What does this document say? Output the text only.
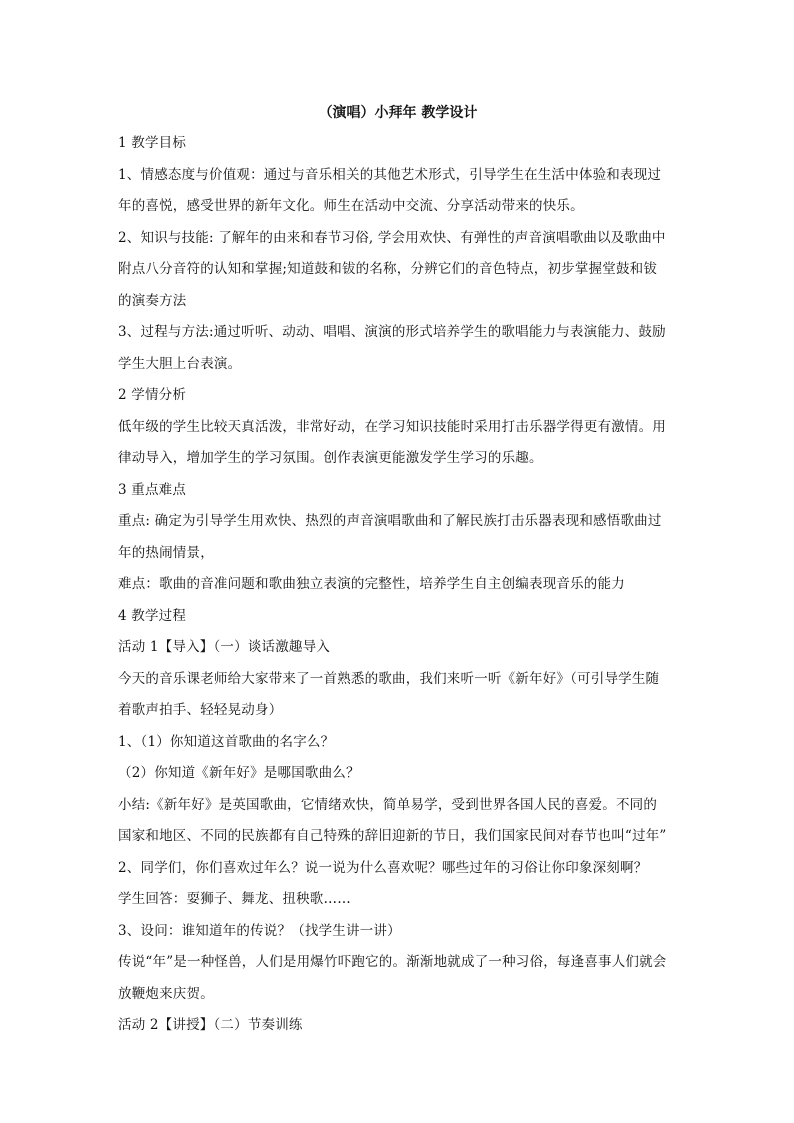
（演唱）小拜年 教学设计
1 教学目标
1、情感态度与价值观：通过与音乐相关的其他艺术形式，引导学生在生活中体验和表现过
年的喜悦，感受世界的新年文化。师生在活动中交流、分享活动带来的快乐。
2、知识与技能: 了解年的由来和春节习俗, 学会用欢快、有弹性的声音演唱歌曲以及歌曲中
附点八分音符的认知和掌握;知道鼓和钹的名称，分辨它们的音色特点，初步掌握堂鼓和钹
的演奏方法
3、过程与方法:通过听听、动动、唱唱、演演的形式培养学生的歌唱能力与表演能力、鼓励
学生大胆上台表演。
2 学情分析
低年级的学生比较天真活泼，非常好动，在学习知识技能时采用打击乐器学得更有激情。用
律动导入，增加学生的学习氛围。创作表演更能激发学生学习的乐趣。
3 重点难点
重点: 确定为引导学生用欢快、热烈的声音演唱歌曲和了解民族打击乐器表现和感悟歌曲过
年的热闹情景，
难点：歌曲的音准问题和歌曲独立表演的完整性，培养学生自主创编表现音乐的能力
4 教学过程
活动 1【导入】（一）谈话激趣导入
今天的音乐课老师给大家带来了一首熟悉的歌曲，我们来听一听《新年好》（可引导学生随
着歌声拍手、轻轻晃动身）
1、（1）你知道这首歌曲的名字么？
（2）你知道《新年好》是哪国歌曲么？
小结:《新年好》是英国歌曲，它情绪欢快，简单易学，受到世界各国人民的喜爱。不同的
国家和地区、不同的民族都有自己特殊的辞旧迎新的节日，我们国家民间对春节也叫“过年”
2、同学们，你们喜欢过年么？说一说为什么喜欢呢？哪些过年的习俗让你印象深刻啊？
学生回答：耍狮子、舞龙、扭秧歌……
3、设问：谁知道年的传说？（找学生讲一讲）
传说“年”是一种怪兽，人们是用爆竹吓跑它的。渐渐地就成了一种习俗，每逢喜事人们就会
放鞭炮来庆贺。
活动 2【讲授】（二）节奏训练
